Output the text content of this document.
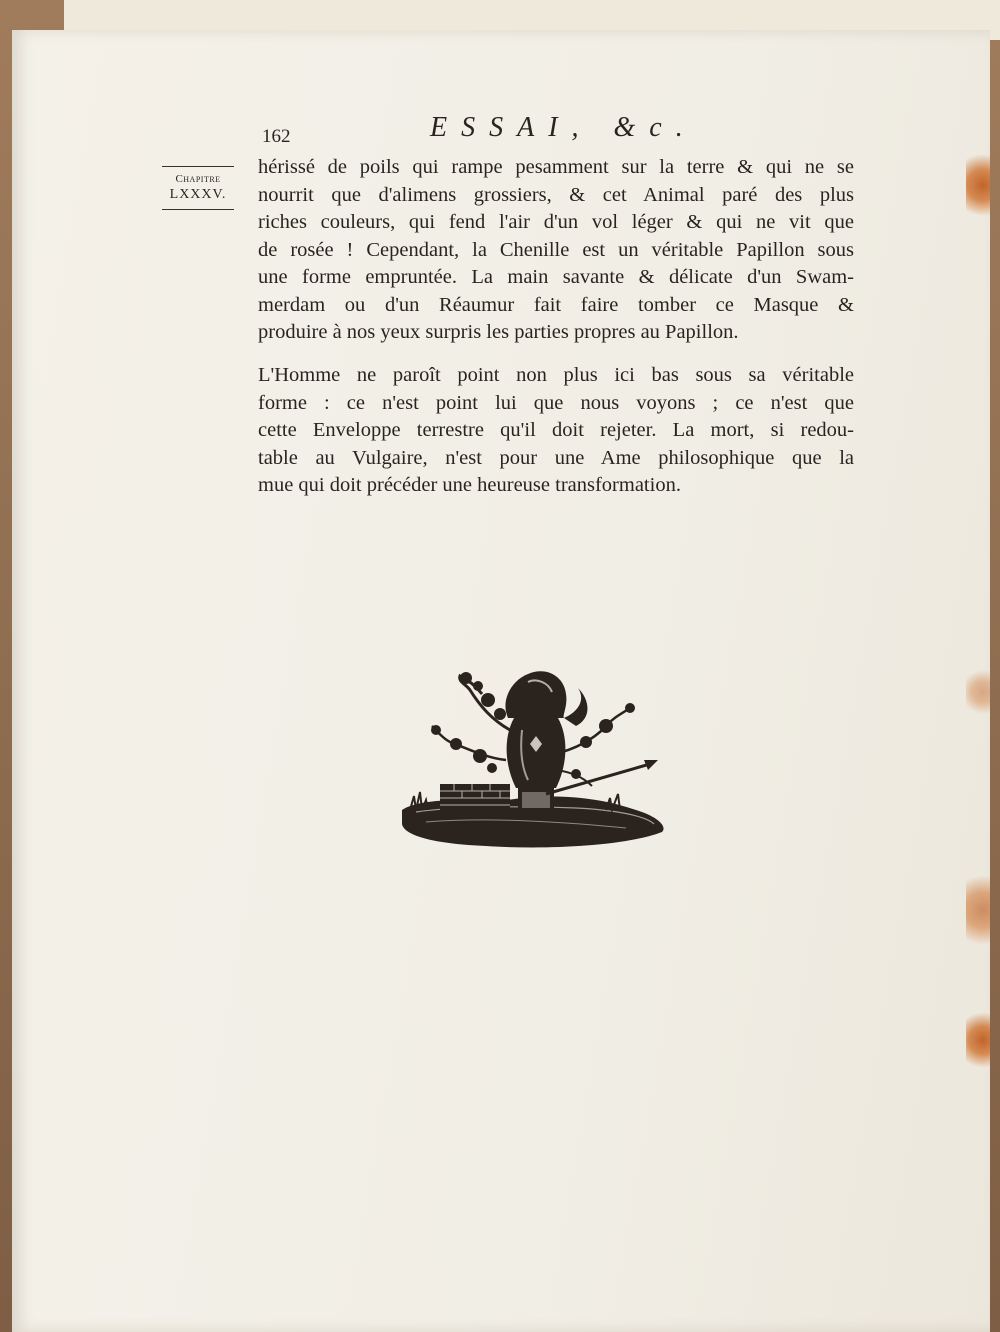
162	ESSAI, &c.
Chapitre
LXXXV.
hérissé de poils qui rampe pesamment sur la terre & qui ne se
nourrit que d'alimens grossiers, & cet Animal paré des plus
riches couleurs, qui fend l'air d'un vol léger & qui ne vit que
de rosée ! Cependant, la Chenille est un véritable Papillon sous
une forme empruntée. La main savante & délicate d'un Swam-
merdam ou d'un Réaumur fait faire tomber ce Masque &
produire à nos yeux surpris les parties propres au Papillon.
L'Homme ne paroît point non plus ici bas sous sa véritable
forme : ce n'est point lui que nous voyons ; ce n'est que
cette Enveloppe terrestre qu'il doit rejeter. La mort, si redou-
table au Vulgaire, n'est pour une Ame philosophique que la
mue qui doit précéder une heureuse transformation.
